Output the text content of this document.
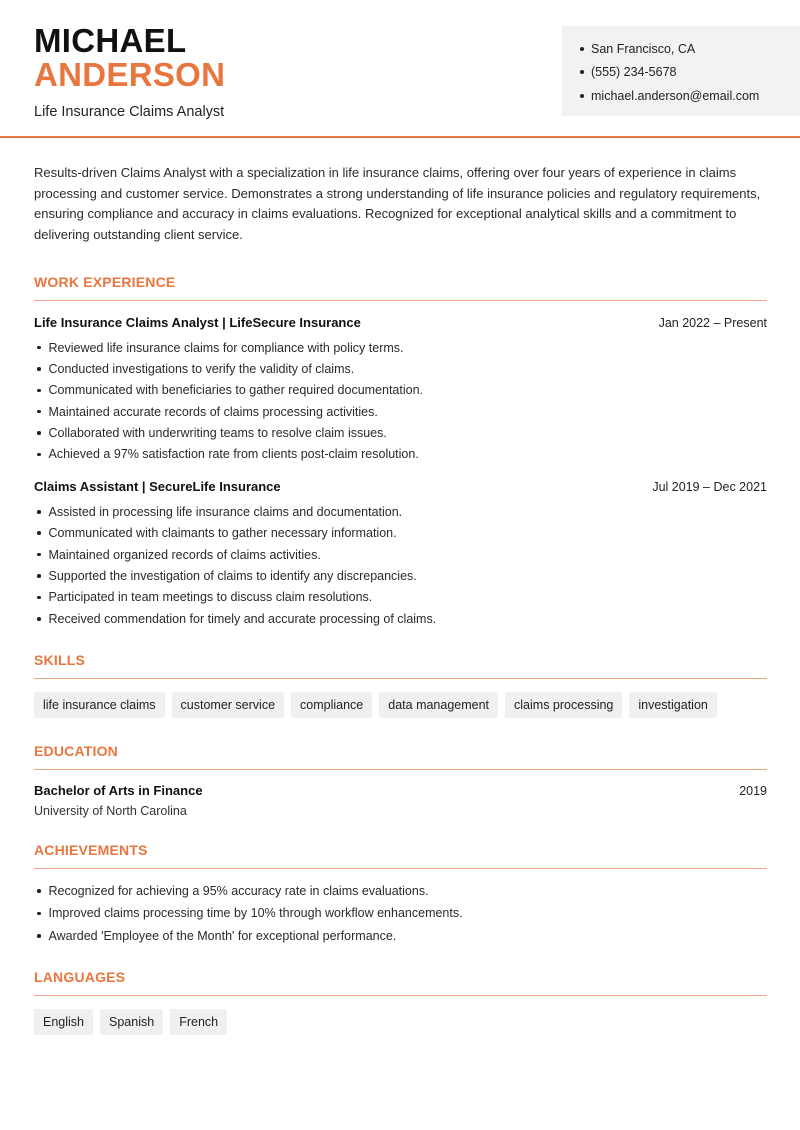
MICHAEL
ANDERSON
Life Insurance Claims Analyst
San Francisco, CA
(555) 234-5678
michael.anderson@email.com

Results-driven Claims Analyst with a specialization in life insurance claims, offering over four years of experience in claims processing and customer service. Demonstrates a strong understanding of life insurance policies and regulatory requirements, ensuring compliance and accuracy in claims evaluations. Recognized for exceptional analytical skills and a commitment to delivering outstanding client service.

WORK EXPERIENCE
Life Insurance Claims Analyst | LifeSecure Insurance	Jan 2022 – Present
Reviewed life insurance claims for compliance with policy terms.
Conducted investigations to verify the validity of claims.
Communicated with beneficiaries to gather required documentation.
Maintained accurate records of claims processing activities.
Collaborated with underwriting teams to resolve claim issues.
Achieved a 97% satisfaction rate from clients post-claim resolution.
Claims Assistant | SecureLife Insurance	Jul 2019 – Dec 2021
Assisted in processing life insurance claims and documentation.
Communicated with claimants to gather necessary information.
Maintained organized records of claims activities.
Supported the investigation of claims to identify any discrepancies.
Participated in team meetings to discuss claim resolutions.
Received commendation for timely and accurate processing of claims.
SKILLS
life insurance claims	customer service	compliance	data management	claims processing	investigation
EDUCATION
Bachelor of Arts in Finance	2019
University of North Carolina
ACHIEVEMENTS
Recognized for achieving a 95% accuracy rate in claims evaluations.
Improved claims processing time by 10% through workflow enhancements.
Awarded 'Employee of the Month' for exceptional performance.
LANGUAGES
English	Spanish	French
